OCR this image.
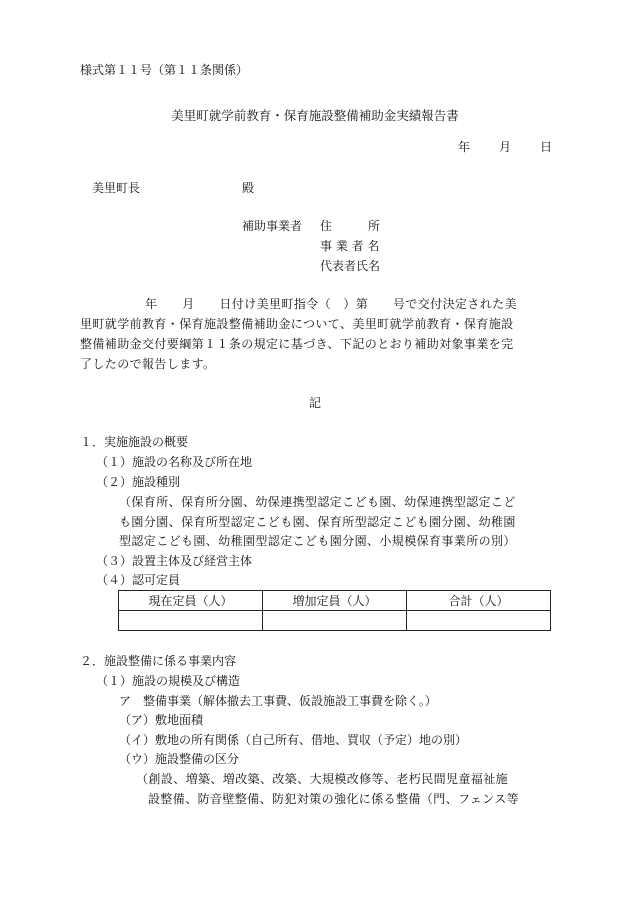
様式第１１号（第１１条関係）
美里町就学前教育・保育施設整備補助金実績報告書
年 月 日
美里町長	殿
補助事業者 住　　　所
事 業 者 名
代表者氏名
年　　月　　日付け美里町指令（　）第　　号で交付決定された美
里町就学前教育・保育施設整備補助金について、美里町就学前教育・保育施設
整備補助金交付要綱第１１条の規定に基づき、下記のとおり補助対象事業を完
了したので報告します。
記
１．実施施設の概要
（１）施設の名称及び所在地
（２）施設種別
（保育所、保育所分園、幼保連携型認定こども園、幼保連携型認定こど
も園分園、保育所型認定こども園、保育所型認定こども園分園、幼稚園
型認定こども園、幼稚園型認定こども園分園、小規模保育事業所の別）
（３）設置主体及び経営主体
（４）認可定員
現在定員（人）	増加定員（人）	合計（人）

２．施設整備に係る事業内容
（１）施設の規模及び構造
ア　整備事業（解体撤去工事費、仮設施設工事費を除く。）
（ア）敷地面積
（イ）敷地の所有関係（自己所有、借地、買収（予定）地の別）
（ウ）施設整備の区分
（創設、増築、増改築、改築、大規模改修等、老朽民間児童福祉施
設整備、防音壁整備、防犯対策の強化に係る整備（門、フェンス等
